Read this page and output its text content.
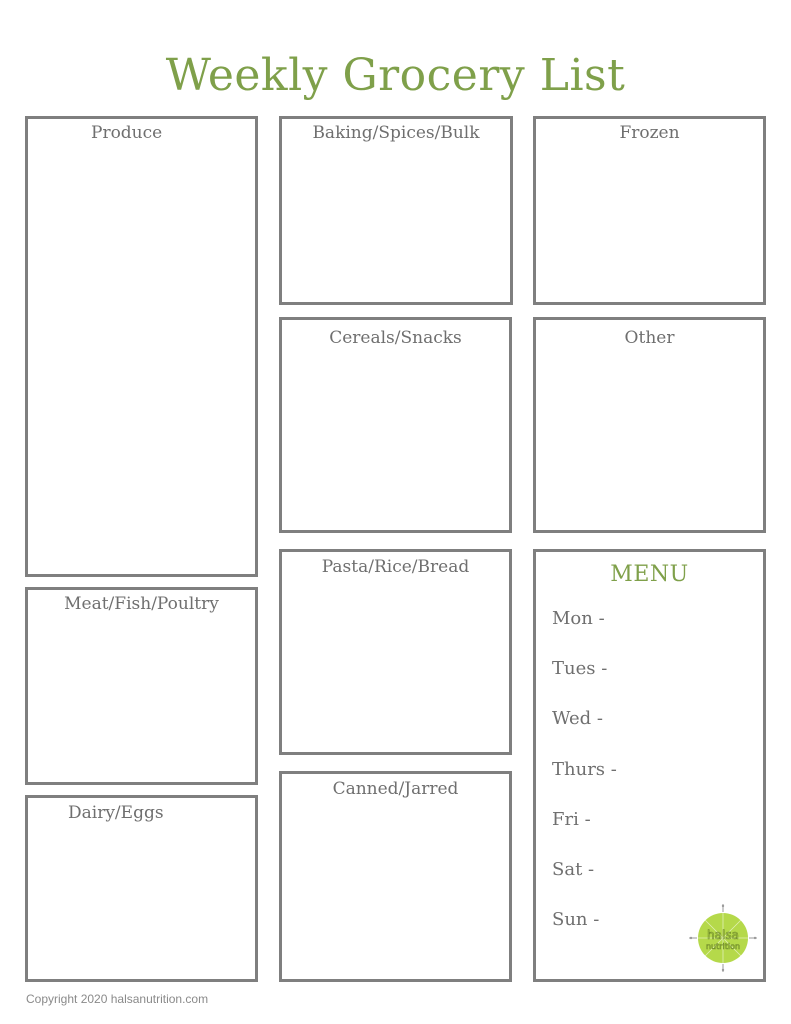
Weekly Grocery List
Produce
Meat/Fish/Poultry
Dairy/Eggs
Baking/Spices/Bulk
Cereals/Snacks
Pasta/Rice/Bread
Canned/Jarred
Frozen
Other
MENU
Mon -
Tues -
Wed -
Thurs -
Fri -
Sat -
Sun -
halsa
nutrition
Copyright 2020 halsanutrition.com
